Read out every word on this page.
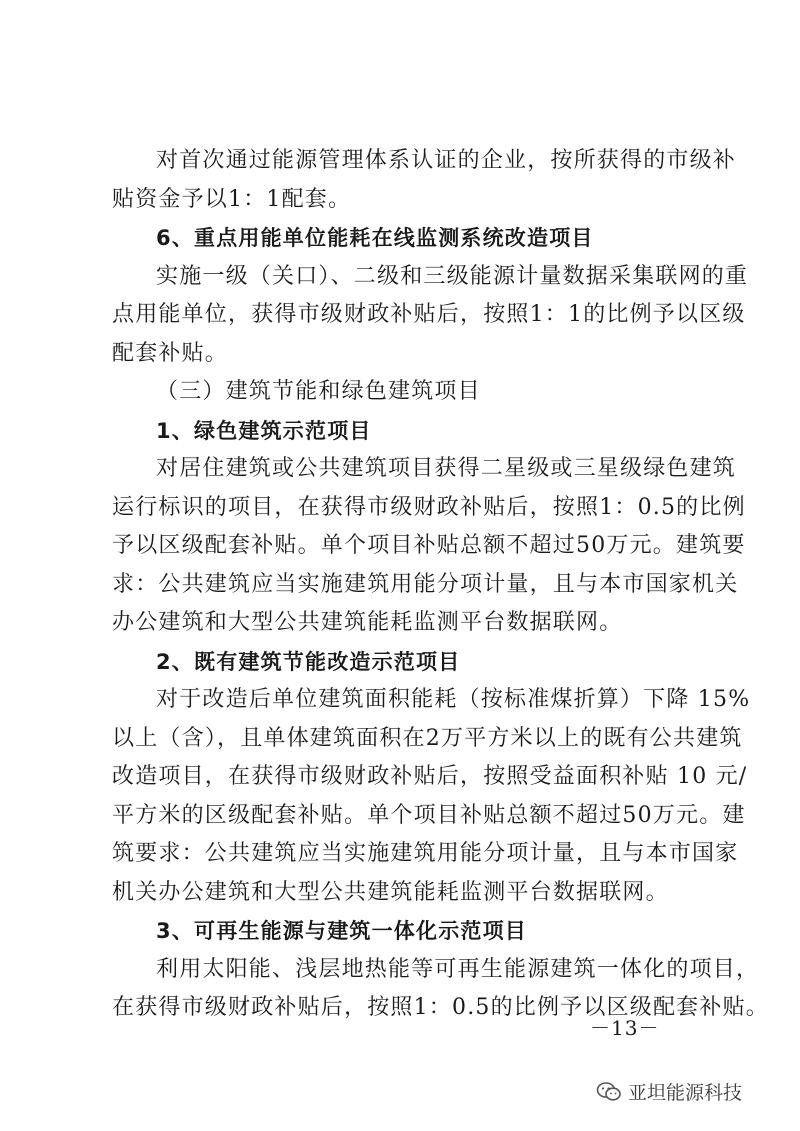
对首次通过能源管理体系认证的企业，按所获得的市级补
贴资金予以1：1配套。
6、重点用能单位能耗在线监测系统改造项目
实施一级（关口）、二级和三级能源计量数据采集联网的重
点用能单位，获得市级财政补贴后，按照1：1的比例予以区级
配套补贴。
（三）建筑节能和绿色建筑项目
1、绿色建筑示范项目
对居住建筑或公共建筑项目获得二星级或三星级绿色建筑
运行标识的项目，在获得市级财政补贴后，按照1：0.5的比例
予以区级配套补贴。单个项目补贴总额不超过50万元。建筑要
求：公共建筑应当实施建筑用能分项计量，且与本市国家机关
办公建筑和大型公共建筑能耗监测平台数据联网。
2、既有建筑节能改造示范项目
对于改造后单位建筑面积能耗（按标准煤折算）下降 15%
以上（含），且单体建筑面积在2万平方米以上的既有公共建筑
改造项目，在获得市级财政补贴后，按照受益面积补贴 10 元/
平方米的区级配套补贴。单个项目补贴总额不超过50万元。建
筑要求：公共建筑应当实施建筑用能分项计量，且与本市国家
机关办公建筑和大型公共建筑能耗监测平台数据联网。
3、可再生能源与建筑一体化示范项目
利用太阳能、浅层地热能等可再生能源建筑一体化的项目，
在获得市级财政补贴后，按照1：0.5的比例予以区级配套补贴。
－13－
亚坦能源科技
